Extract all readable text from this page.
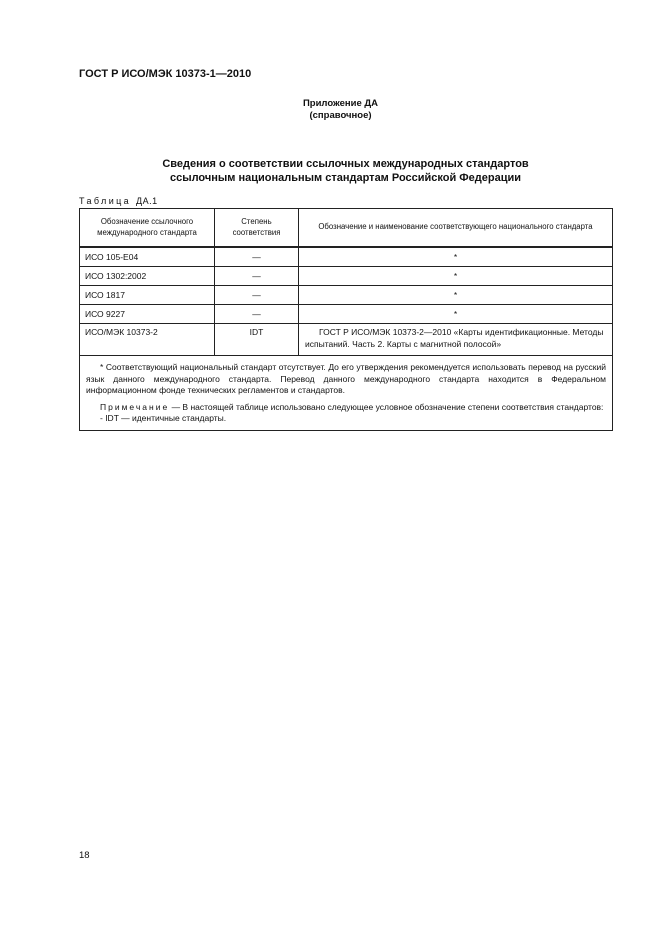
ГОСТ Р ИСО/МЭК 10373-1—2010
Приложение ДА
(справочное)
Сведения о соответствии ссылочных международных стандартов
ссылочным национальным стандартам Российской Федерации
Таблица ДА.1
Обозначение ссылочного международного стандарта	Степень соответствия	Обозначение и наименование соответствующего национального стандарта
ИСО 105-Е04	—	*
ИСО 1302:2002	—	*
ИСО 1817	—	*
ИСО 9227	—	*
ИСО/МЭК 10373-2	IDT	ГОСТ Р ИСО/МЭК 10373-2—2010 «Карты идентификационные. Методы испытаний. Часть 2. Карты с магнитной полосой»

* Соответствующий национальный стандарт отсутствует. До его утверждения рекомендуется использовать перевод на русский язык данного международного стандарта. Перевод данного международного стандарта находится в Федеральном информационном фонде технических регламентов и стандартов.

Примечание — В настоящей таблице использовано следующее условное обозначение степени соответствия стандартов:

- IDT — идентичные стандарты.		

18
